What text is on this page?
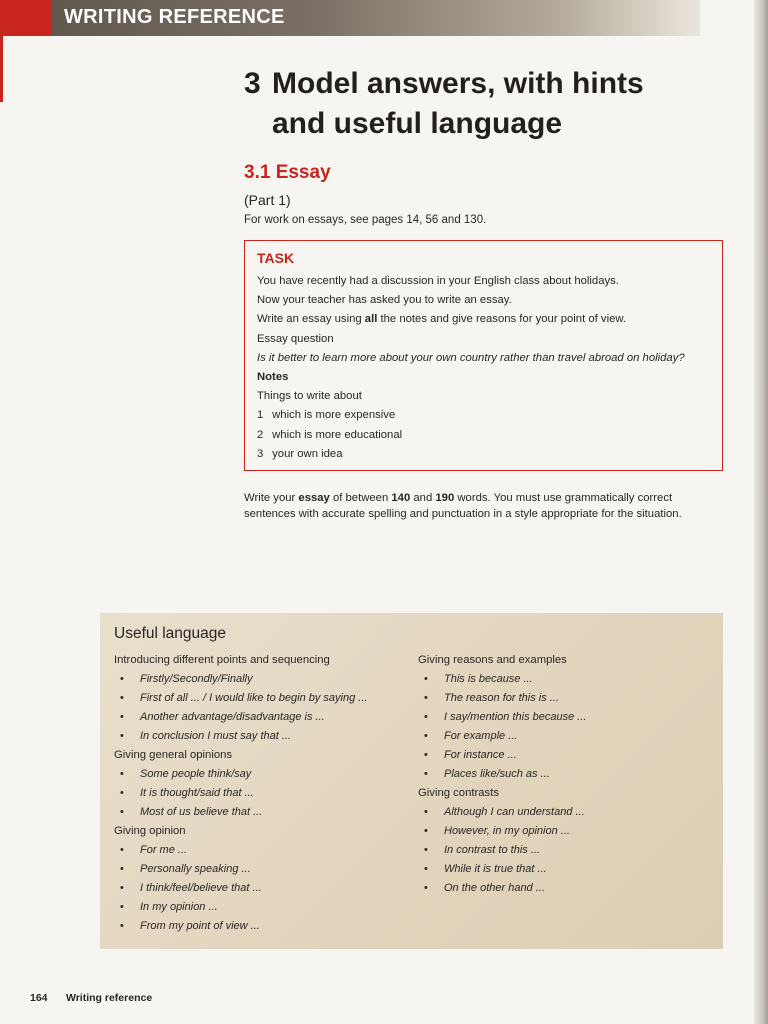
WRITING REFERENCE
3 Model answers, with hints
and useful language
3.1 Essay
(Part 1)
For work on essays, see pages 14, 56 and 130.
TASK
You have recently had a discussion in your English class about holidays.
Now your teacher has asked you to write an essay.
Write an essay using all the notes and give reasons for your point of view.
Essay question
Is it better to learn more about your own country rather than travel abroad on holiday?
Notes
Things to write about
1 which is more expensive
2 which is more educational
3 your own idea
Write your essay of between 140 and 190 words. You must use grammatically correct sentences with accurate spelling and punctuation in a style appropriate for the situation.
Useful language
Introducing different points and sequencing
• Firstly/Secondly/Finally
• First of all ... / I would like to begin by saying ...
• Another advantage/disadvantage is ...
• In conclusion I must say that ...
Giving general opinions
• Some people think/say
• It is thought/said that ...
• Most of us believe that ...
Giving opinion
• For me ...
• Personally speaking ...
• I think/feel/believe that ...
• In my opinion ...
• From my point of view ...
Giving reasons and examples
• This is because ...
• The reason for this is ...
• I say/mention this because ...
• For example ...
• For instance ...
• Places like/such as ...
Giving contrasts
• Although I can understand ...
• However, in my opinion ...
• In contrast to this ...
• While it is true that ...
• On the other hand ...
164 Writing reference
